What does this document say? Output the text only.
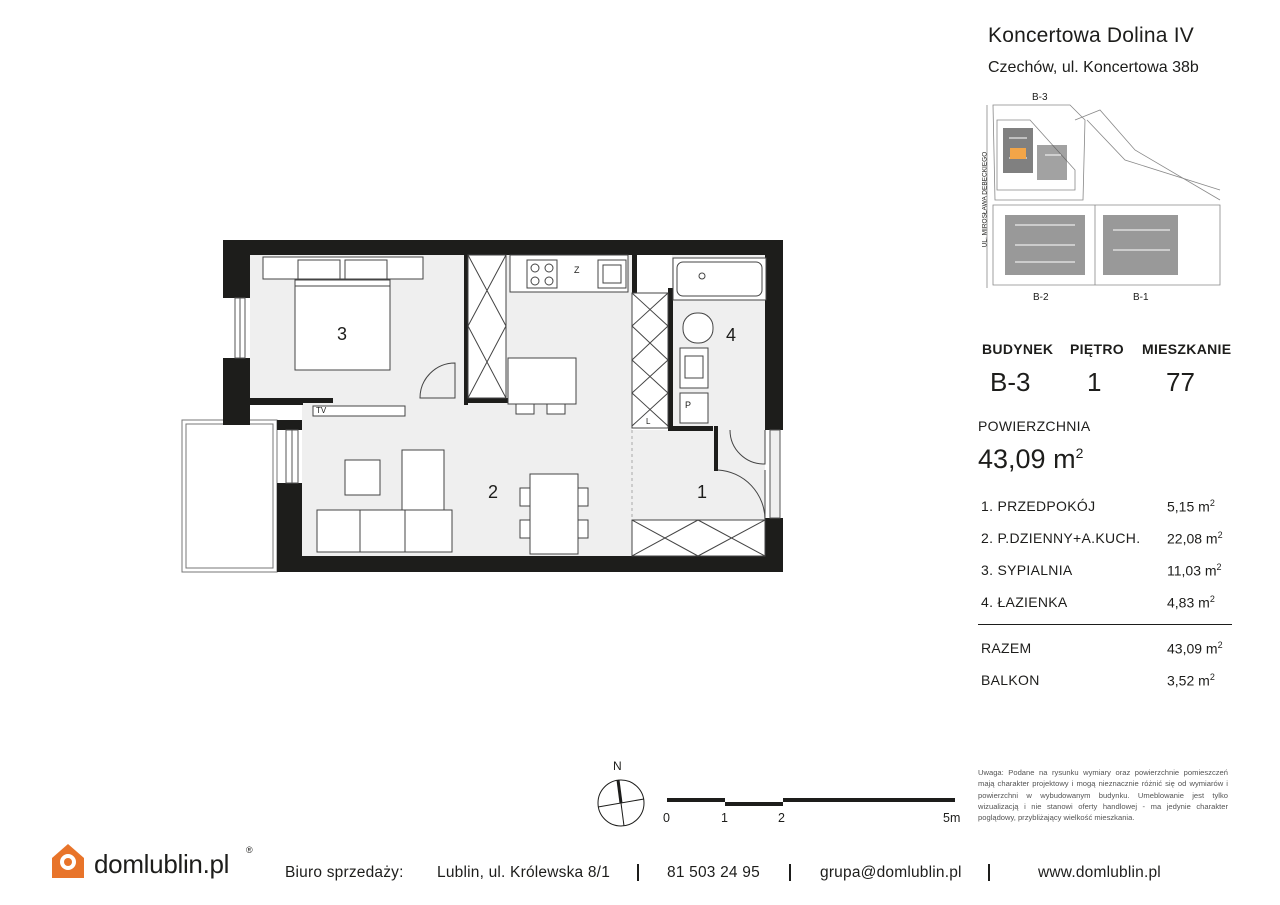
3
2	1
4
TV
Z
P
L
Koncertowa Dolina IV
Czechów, ul. Koncertowa 38b
B-3
B-2	B-1
UL. MIROSŁAWA DEBECKIEGO
BUDYNEK PIĘTRO MIESZKANIE
B-3 1 77
POWIERZCHNIA
43,09 $m^2$
1. PRZEDPOKÓJ	5,15 $m^2$
2. P.DZIENNY+A.KUCH. 22,08 $m^2$
3. SYPIALNIA	11,03 $m^2$
4. ŁAZIENKA	4,83 $m^2$
RAZEM	43,09 $m^2$
BALKON	3,52 $m^2$
Uwaga: Podane na rysunku wymiary oraz powierzchnie pomieszczeń mają charakter projektowy i mogą nieznacznie różnić się od wymiarów i powierzchni w wybudowanym budynku. Umeblowanie jest tylko wizualizacją i nie stanowi oferty handlowej - ma jedynie charakter poglądowy, przybliżający wielkość mieszkania.
N
0	1	2	5m
domlublin.pl ®
Biuro sprzedaży: Lublin, ul. Królewska 8/1	81 503 24 95	grupa@domlublin.pl	www.domlublin.pl
